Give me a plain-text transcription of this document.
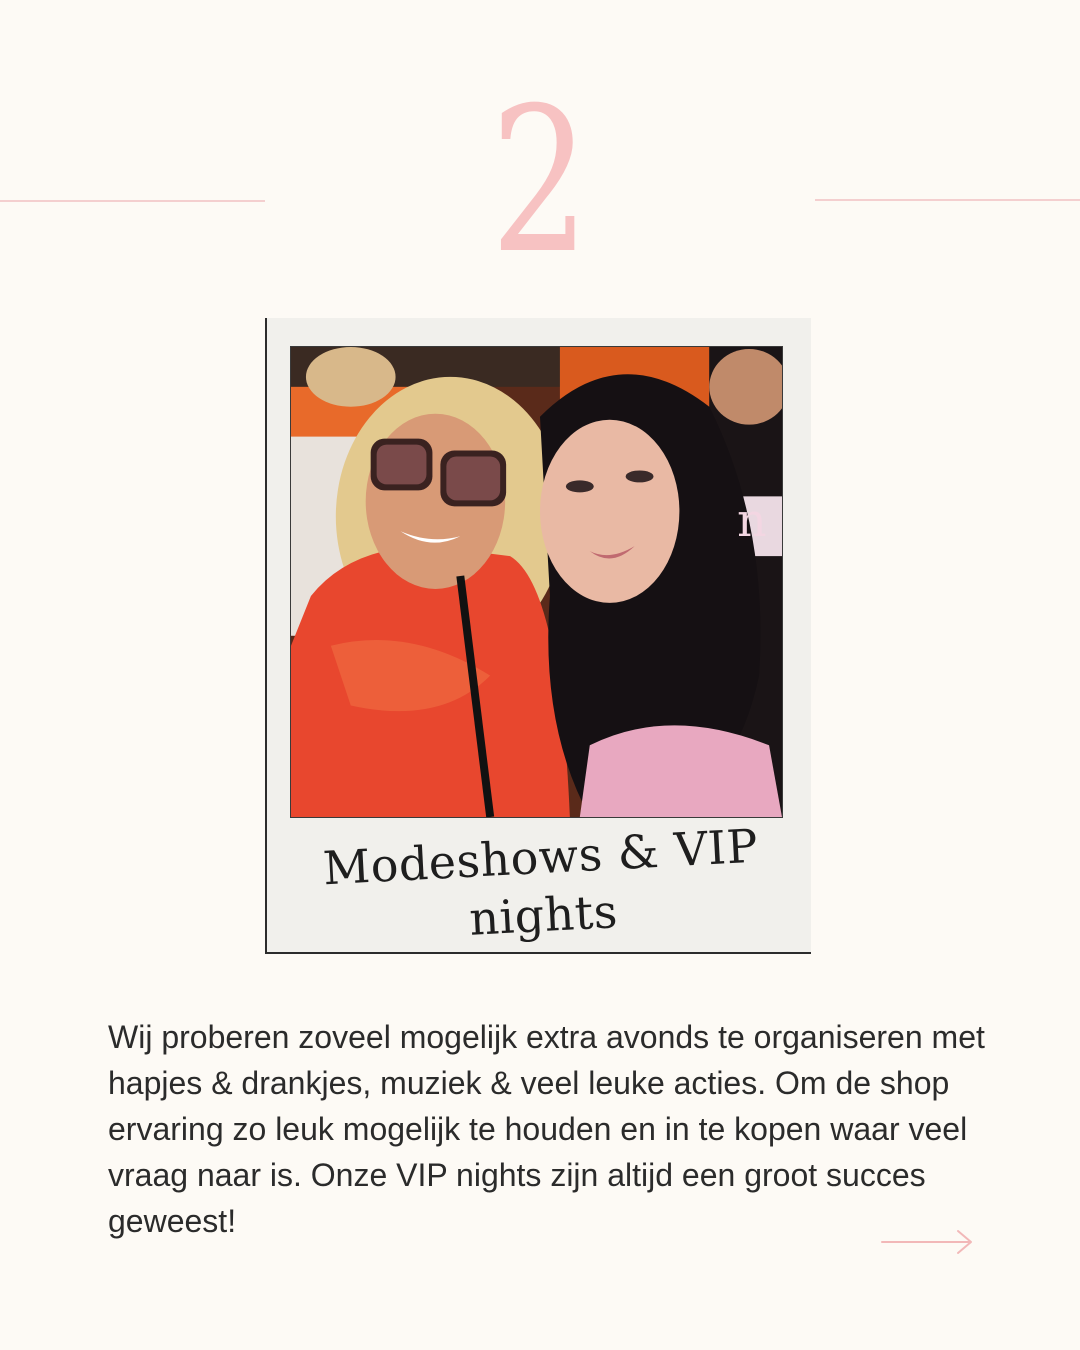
2
n
Modeshows & VIP nights
Wij proberen zoveel mogelijk extra avonds te organiseren met hapjes & drankjes, muziek & veel leuke acties. Om de shop ervaring zo leuk mogelijk te houden en in te kopen waar veel vraag naar is. Onze VIP nights zijn altijd een groot succes geweest!
